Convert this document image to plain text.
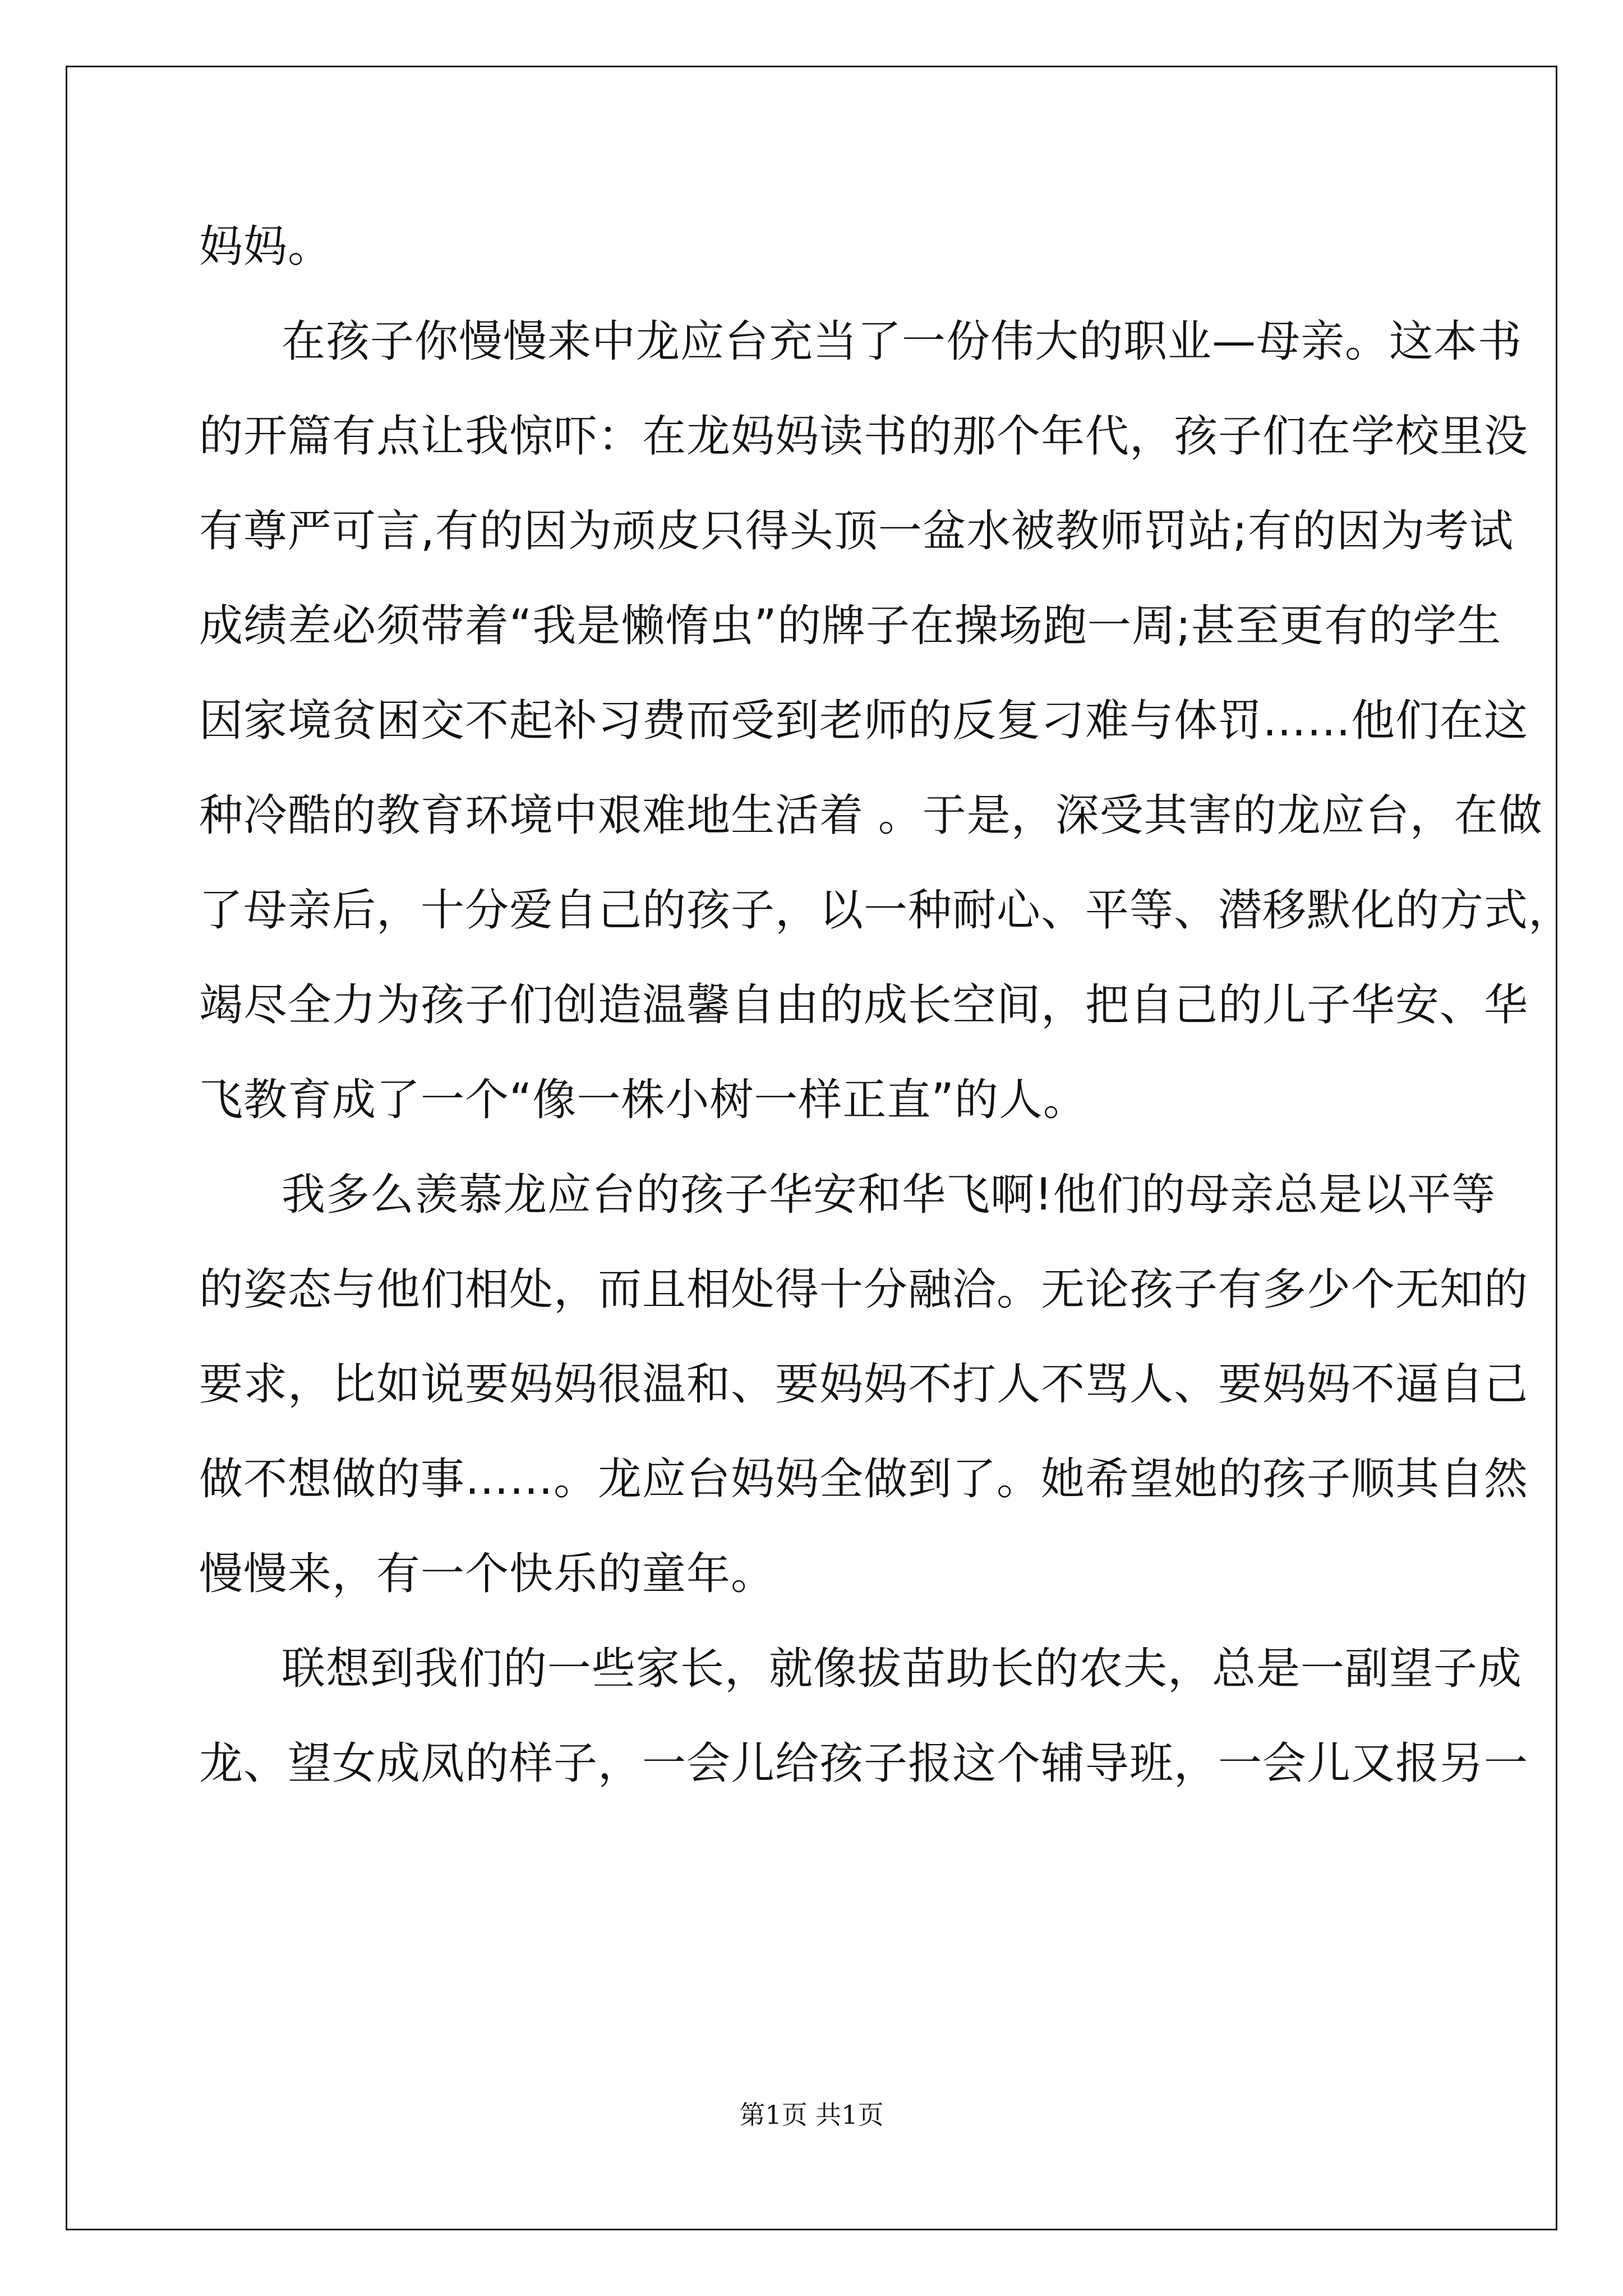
妈妈。
在孩子你慢慢来中龙应台充当了一份伟大的职业—母亲。这本书
的开篇有点让我惊吓：在龙妈妈读书的那个年代，孩子们在学校里没
有尊严可言,有的因为顽皮只得头顶一盆水被教师罚站;有的因为考试
成绩差必须带着“我是懒惰虫”的牌子在操场跑一周;甚至更有的学生
因家境贫困交不起补习费而受到老师的反复刁难与体罚……他们在这
种冷酷的教育环境中艰难地生活着 。于是，深受其害的龙应台，在做
了母亲后，十分爱自己的孩子，以一种耐心、平等、潜移默化的方式，
竭尽全力为孩子们创造温馨自由的成长空间，把自己的儿子华安、华
飞教育成了一个“像一株小树一样正直”的人。
我多么羡慕龙应台的孩子华安和华飞啊!他们的母亲总是以平等
的姿态与他们相处，而且相处得十分融洽。无论孩子有多少个无知的
要求，比如说要妈妈很温和、要妈妈不打人不骂人、要妈妈不逼自己
做不想做的事……。龙应台妈妈全做到了。她希望她的孩子顺其自然
慢慢来，有一个快乐的童年。
联想到我们的一些家长，就像拔苗助长的农夫，总是一副望子成
龙、望女成凤的样子，一会儿给孩子报这个辅导班，一会儿又报另一
第1页 共1页
